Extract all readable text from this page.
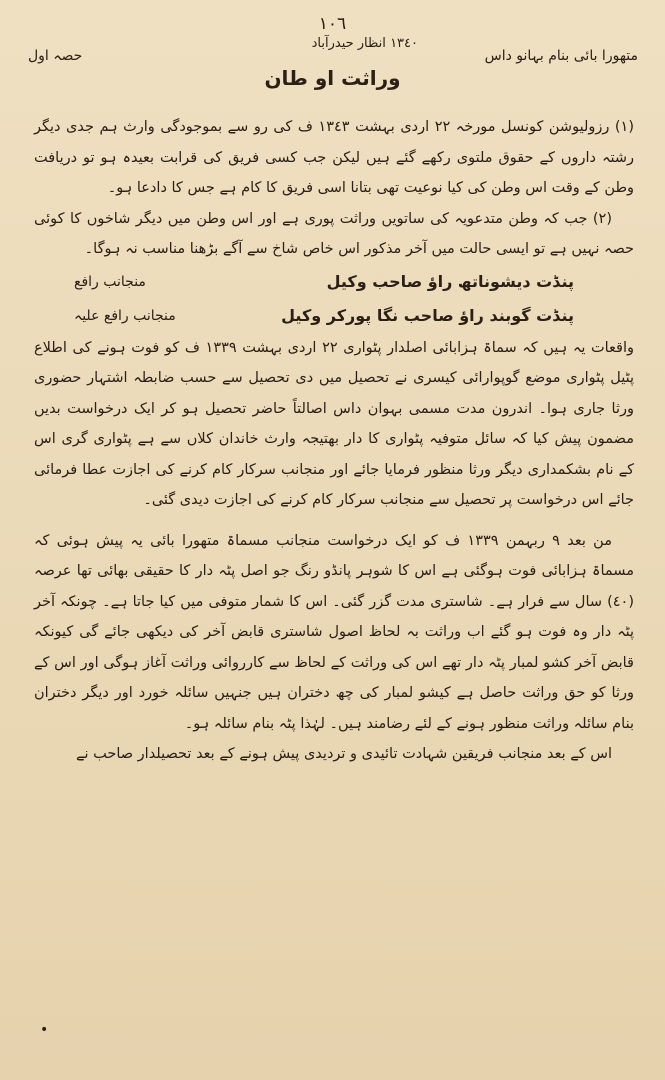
١٠٦
متھورا بائی بنام بہانو داس
١٣٤٠ انظار حیدرآباد
حصہ اول
وراثت او طان

(١) رزولیوشن کونسل مورخہ ٢٢ اردی بہشت ١٣٤٣ ف کی رو سے بموجودگی وارث ہم جدی دیگر رشتہ داروں کے حقوق ملتوی رکھے گئے ہیں لیکن جب کسی فریق کی قرابت بعیدہ ہو تو دریافت وطن کے وقت اس وطن کی کیا نوعیت تھی بتانا اسی فریق کا کام ہے جس کا دادعا ہو۔

(٢) جب کہ وطن متدعویہ کی ساتویں وراثت پوری ہے اور اس وطن میں دیگر شاخوں کا کوئی حصہ نہیں ہے تو ایسی حالت میں آخر مذکور اس خاص شاخ سے آگے بڑھنا مناسب نہ ہوگا۔

پنڈت دیشوناتھ راؤ صاحب وکیل
منجانب رافع
پنڈت گوبند راؤ صاحب نگا پورکر وکیل
منجانب رافع علیہ

واقعات یہ ہیں کہ سماۃ ہزابائی اصلدار پٹواری ٢٢ اردی بہشت ١٣٣٩ ف کو فوت ہونے کی اطلاع پٹیل پٹواری موضع گوپوارائی کیسری نے تحصیل میں دی تحصیل سے حسب ضابطہ اشتہار حضوری ورثا جاری ہوا۔ اندرون مدت مسمی بہوان داس اصالتاً حاضر تحصیل ہو کر ایک درخواست بدیں مضمون پیش کیا کہ سائل متوفیہ پٹواری کا دار بھتیجہ وارث خاندان کلاں سے ہے پٹواری گری اس کے نام بشکمداری دیگر ورثا منظور فرمایا جائے اور منجانب سرکار کام کرنے کی اجازت عطا فرمائی جائے اس درخواست پر تحصیل سے منجانب سرکار کام کرنے کی اجازت دیدی گئی۔

من بعد ٩ ربہمن ١٣٣٩ ف کو ایک درخواست منجانب مسماۃ متھورا بائی یہ پیش ہوئی کہ مسماۃ ہزابائی فوت ہوگئی ہے اس کا شوہر پانڈو رنگ جو اصل پٹہ دار کا حقیقی بھائی تھا عرصہ (٤٠) سال سے فرار ہے۔ شاستری مدت گزر گئی۔ اس کا شمار متوفی میں کیا جاتا ہے۔ چونکہ آخر پٹہ دار وہ فوت ہو گئے اب وراثت بہ لحاظ اصول شاستری قابض آخر کی دیکھی جائے گی کیونکہ قابض آخر کشو لمبار پٹہ دار تھے اس کی وراثت کے لحاظ سے کارروائی وراثت آغاز ہوگی اور اس کے ورثا کو حق وراثت حاصل ہے کیشو لمبار کی چھ دختران ہیں جنہیں سائلہ خورد اور دیگر دختران بنام سائلہ وراثت منظور ہونے کے لئے رضامند ہیں۔ لہٰذا پٹہ بنام سائلہ ہو۔

اس کے بعد منجانب فریقین شہادت تائیدی و تردیدی پیش ہونے کے بعد تحصیلدار صاحب نے

•
